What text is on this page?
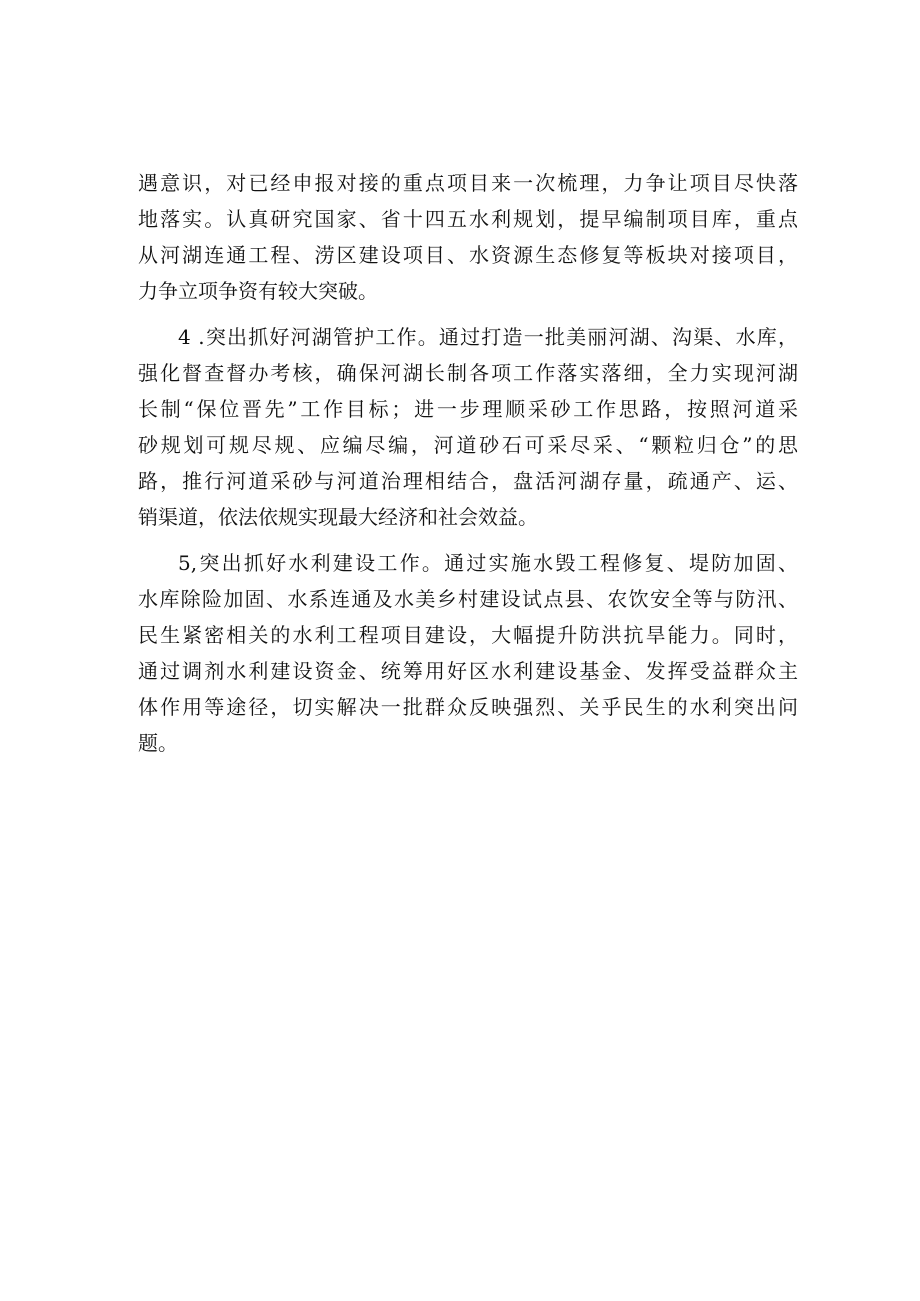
遇意识，对已经申报对接的重点项目来一次梳理，力争让项目尽快落
地落实。认真研究国家、省十四五水利规划，提早编制项目库，重点
从河湖连通工程、涝区建设项目、水资源生态修复等板块对接项目，
力争立项争资有较大突破。
4 .突出抓好河湖管护工作。通过打造一批美丽河湖、沟渠、水库，
强化督查督办考核，确保河湖长制各项工作落实落细，全力实现河湖
长制“保位晋先”工作目标；进一步理顺采砂工作思路，按照河道采
砂规划可规尽规、应编尽编，河道砂石可采尽采、“颗粒归仓”的思
路，推行河道采砂与河道治理相结合，盘活河湖存量，疏通产、运、
销渠道，依法依规实现最大经济和社会效益。
5,突出抓好水利建设工作。通过实施水毁工程修复、堤防加固、
水库除险加固、水系连通及水美乡村建设试点县、农饮安全等与防汛、
民生紧密相关的水利工程项目建设，大幅提升防洪抗旱能力。同时，
通过调剂水利建设资金、统筹用好区水利建设基金、发挥受益群众主
体作用等途径，切实解决一批群众反映强烈、关乎民生的水利突出问
题。
